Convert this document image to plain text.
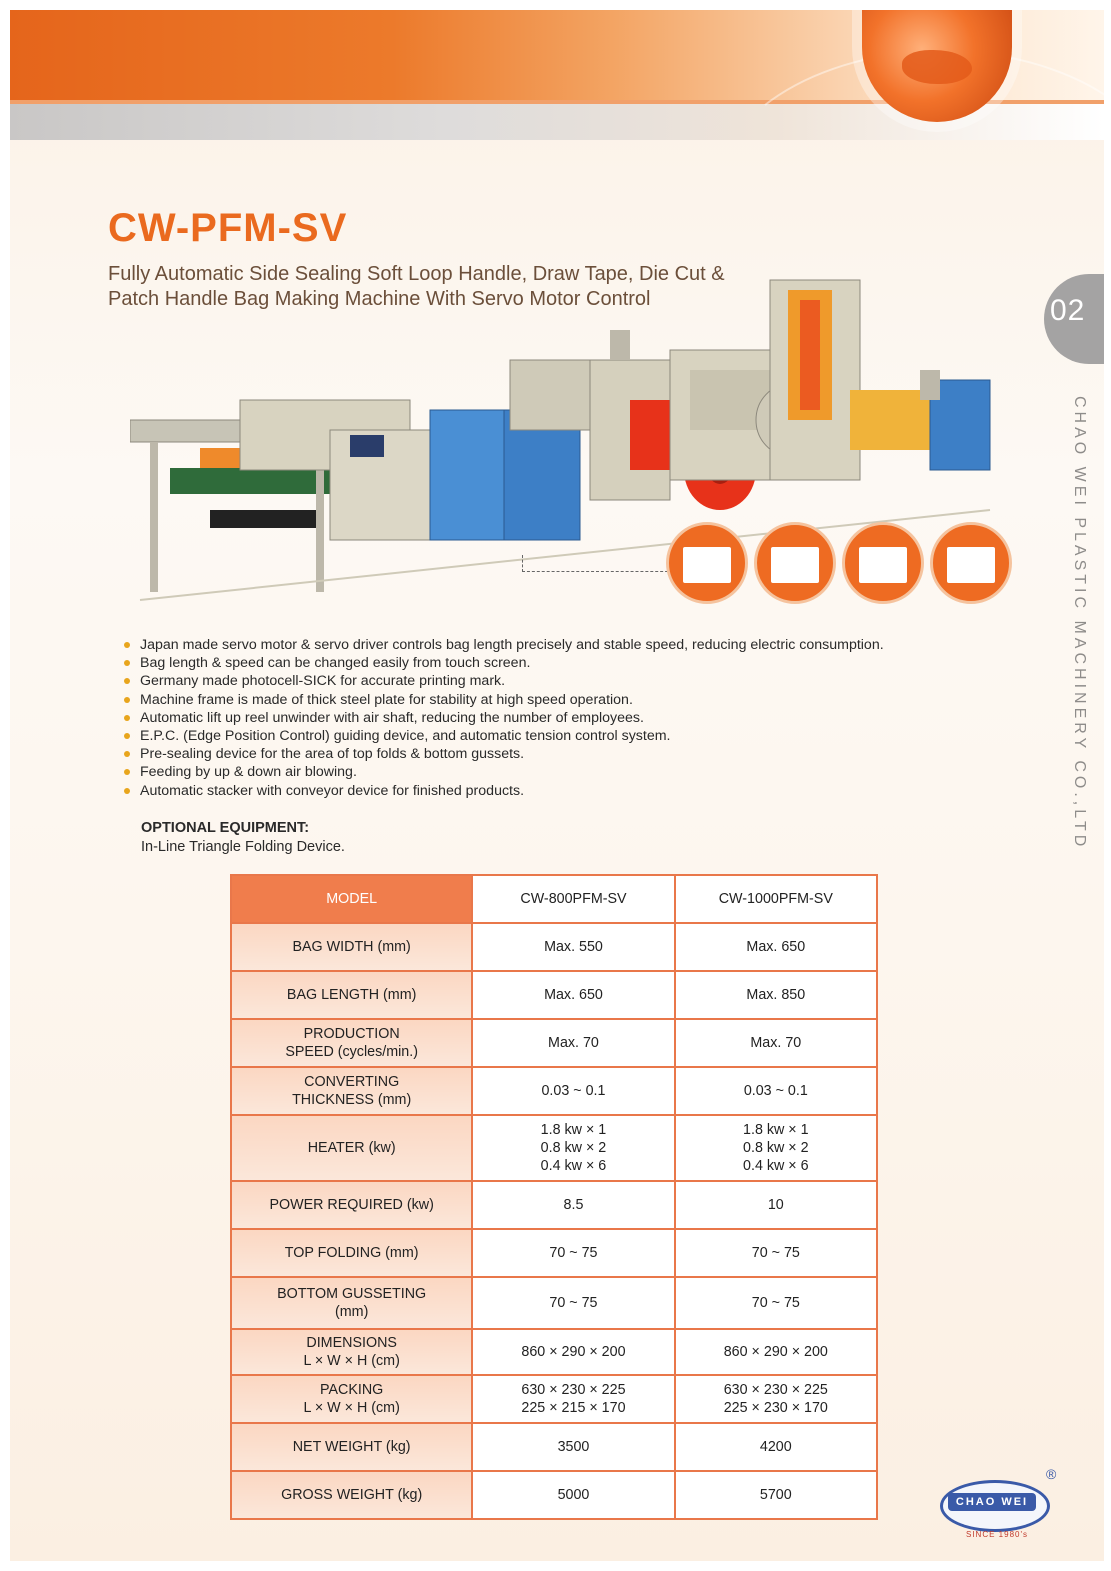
CW-PFM-SV

Fully Automatic Side Sealing Soft Loop Handle, Draw Tape, Die Cut &
Patch Handle Bag Making Machine With Servo Motor Control	02
CHAO WEI PLASTIC MACHINERY CO.,LTD
Japan made servo motor & servo driver controls bag length precisely and stable speed, reducing electric consumption.
Bag length & speed can be changed easily from touch screen.
Germany made photocell-SICK for accurate printing mark.
Machine frame is made of thick steel plate for stability at high speed operation.
Automatic lift up reel unwinder with air shaft, reducing the number of employees.
E.P.C. (Edge Position Control) guiding device, and automatic tension control system.
Pre-sealing device for the area of top folds & bottom gussets.
Feeding by up & down air blowing.
Automatic stacker with conveyor device for finished products.
OPTIONAL EQUIPMENT:
In-Line Triangle Folding Device.
MODEL	CW-800PFM-SV	CW-1000PFM-SV

BAG WIDTH (mm)	Max. 550	Max. 650

BAG LENGTH (mm)	Max. 650	Max. 850

PRODUCTION
SPEED (cycles/min.)	Max. 70	Max. 70

CONVERTING
THICKNESS (mm)	0.03 ~ 0.1	0.03 ~ 0.1

HEATER (kw)	1.8 kw × 1
0.8 kw × 2
0.4 kw × 6	1.8 kw × 1
0.8 kw × 2
0.4 kw × 6

POWER REQUIRED (kw)	8.5	10

TOP FOLDING (mm)	70 ~ 75	70 ~ 75

BOTTOM GUSSETING
(mm)	70 ~ 75	70 ~ 75

DIMENSIONS
L × W × H (cm)	860 × 290 × 200	860 × 290 × 200

PACKING
L × W × H (cm)	630 × 230 × 225
225 × 215 × 170	630 × 230 × 225
225 × 230 × 170

NET WEIGHT (kg)	3500	4200

GROSS WEIGHT (kg)	5000	5700	CHAO WEI
®
SINCE 1980's
